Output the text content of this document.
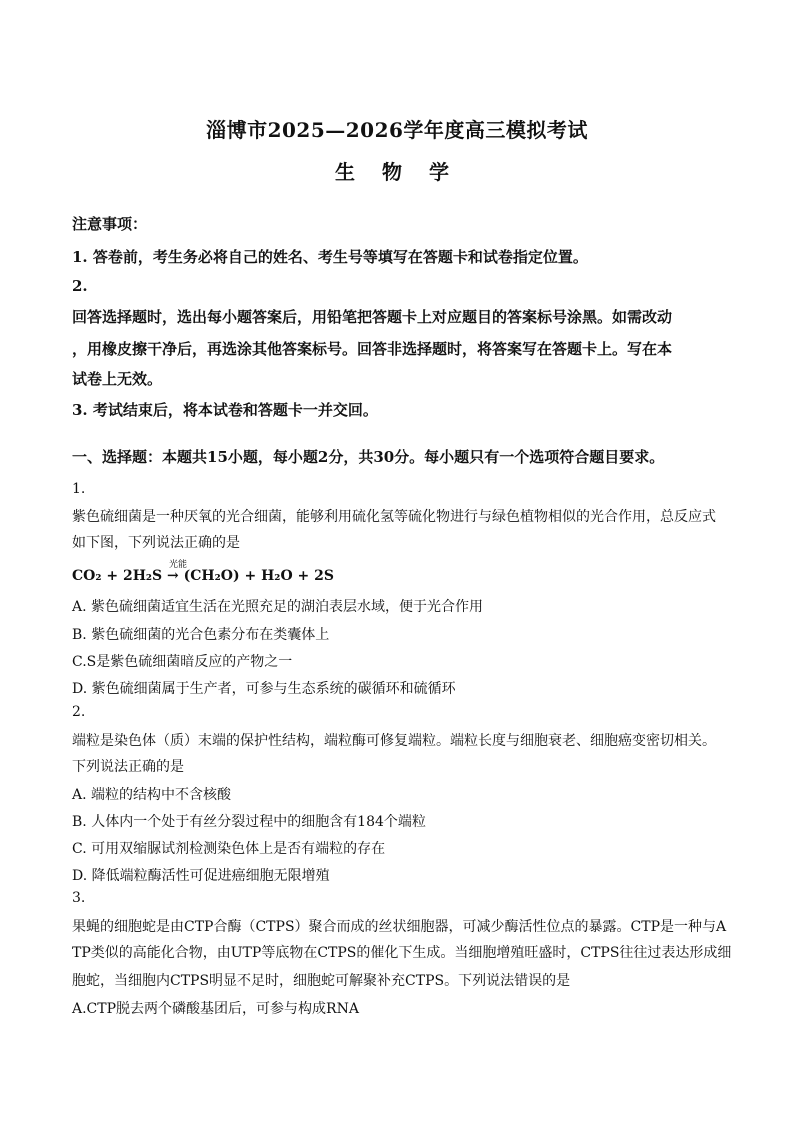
淄博市2025—2026学年度高三模拟考试
生 物 学
注意事项：
1. 答卷前，考生务必将自己的姓名、考生号等填写在答题卡和试卷指定位置。
2.
回答选择题时，选出每小题答案后，用铅笔把答题卡上对应题目的答案标号涂黑。如需改动
，用橡皮擦干净后，再选涂其他答案标号。回答非选择题时，将答案写在答题卡上。写在本
试卷上无效。
3. 考试结束后，将本试卷和答题卡一并交回。
一、选择题：本题共15小题，每小题2分，共30分。每小题只有一个选项符合题目要求。
1.
紫色硫细菌是一种厌氧的光合细菌，能够利用硫化氢等硫化物进行与绿色植物相似的光合作用，总反应式
如下图，下列说法正确的是
CO₂ + 2H₂S
光能
→ (CH₂O) + H₂O + 2S
A. 紫色硫细菌适宜生活在光照充足的湖泊表层水域，便于光合作用
B. 紫色硫细菌的光合色素分布在类囊体上
C.S是紫色硫细菌暗反应的产物之一
D. 紫色硫细菌属于生产者，可参与生态系统的碳循环和硫循环
2.
端粒是染色体（质）末端的保护性结构，端粒酶可修复端粒。端粒长度与细胞衰老、细胞癌变密切相关。
下列说法正确的是
A. 端粒的结构中不含核酸
B. 人体内一个处于有丝分裂过程中的细胞含有184个端粒
C. 可用双缩脲试剂检测染色体上是否有端粒的存在
D. 降低端粒酶活性可促进癌细胞无限增殖
3.
果蝇的细胞蛇是由CTP合酶（CTPS）聚合而成的丝状细胞器，可减少酶活性位点的暴露。CTP是一种与A
TP类似的高能化合物，由UTP等底物在CTPS的催化下生成。当细胞增殖旺盛时，CTPS往往过表达形成细
胞蛇，当细胞内CTPS明显不足时，细胞蛇可解聚补充CTPS。下列说法错误的是
A.CTP脱去两个磷酸基团后，可参与构成RNA
